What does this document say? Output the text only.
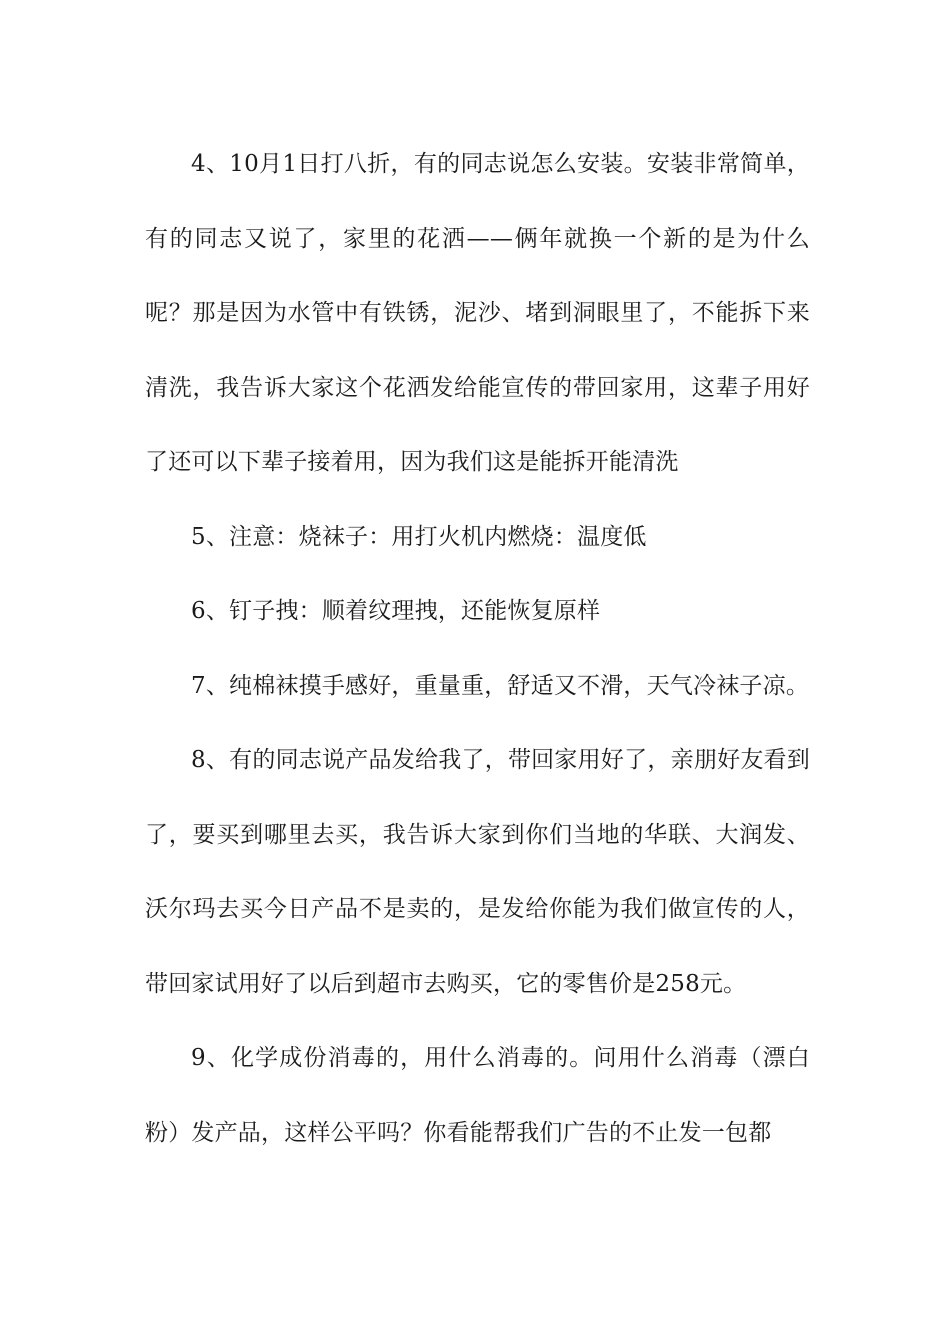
4、10月1日打八折，有的同志说怎么安装。安装非常简单，有的同志又说了，家里的花洒——俩年就换一个新的是为什么呢？那是因为水管中有铁锈，泥沙、堵到洞眼里了，不能拆下来清洗，我告诉大家这个花洒发给能宣传的带回家用，这辈子用好了还可以下辈子接着用，因为我们这是能拆开能清洗

5、注意：烧袜子：用打火机内燃烧：温度低

6、钉子拽：顺着纹理拽，还能恢复原样

7、纯棉袜摸手感好，重量重，舒适又不滑，天气冷袜子凉。

8、有的同志说产品发给我了，带回家用好了，亲朋好友看到了，要买到哪里去买，我告诉大家到你们当地的华联、大润发、沃尔玛去买今日产品不是卖的，是发给你能为我们做宣传的人，带回家试用好了以后到超市去购买，它的零售价是258元。

9、化学成份消毒的，用什么消毒的。问用什么消毒（漂白粉）发产品，这样公平吗？你看能帮我们广告的不止发一包都
